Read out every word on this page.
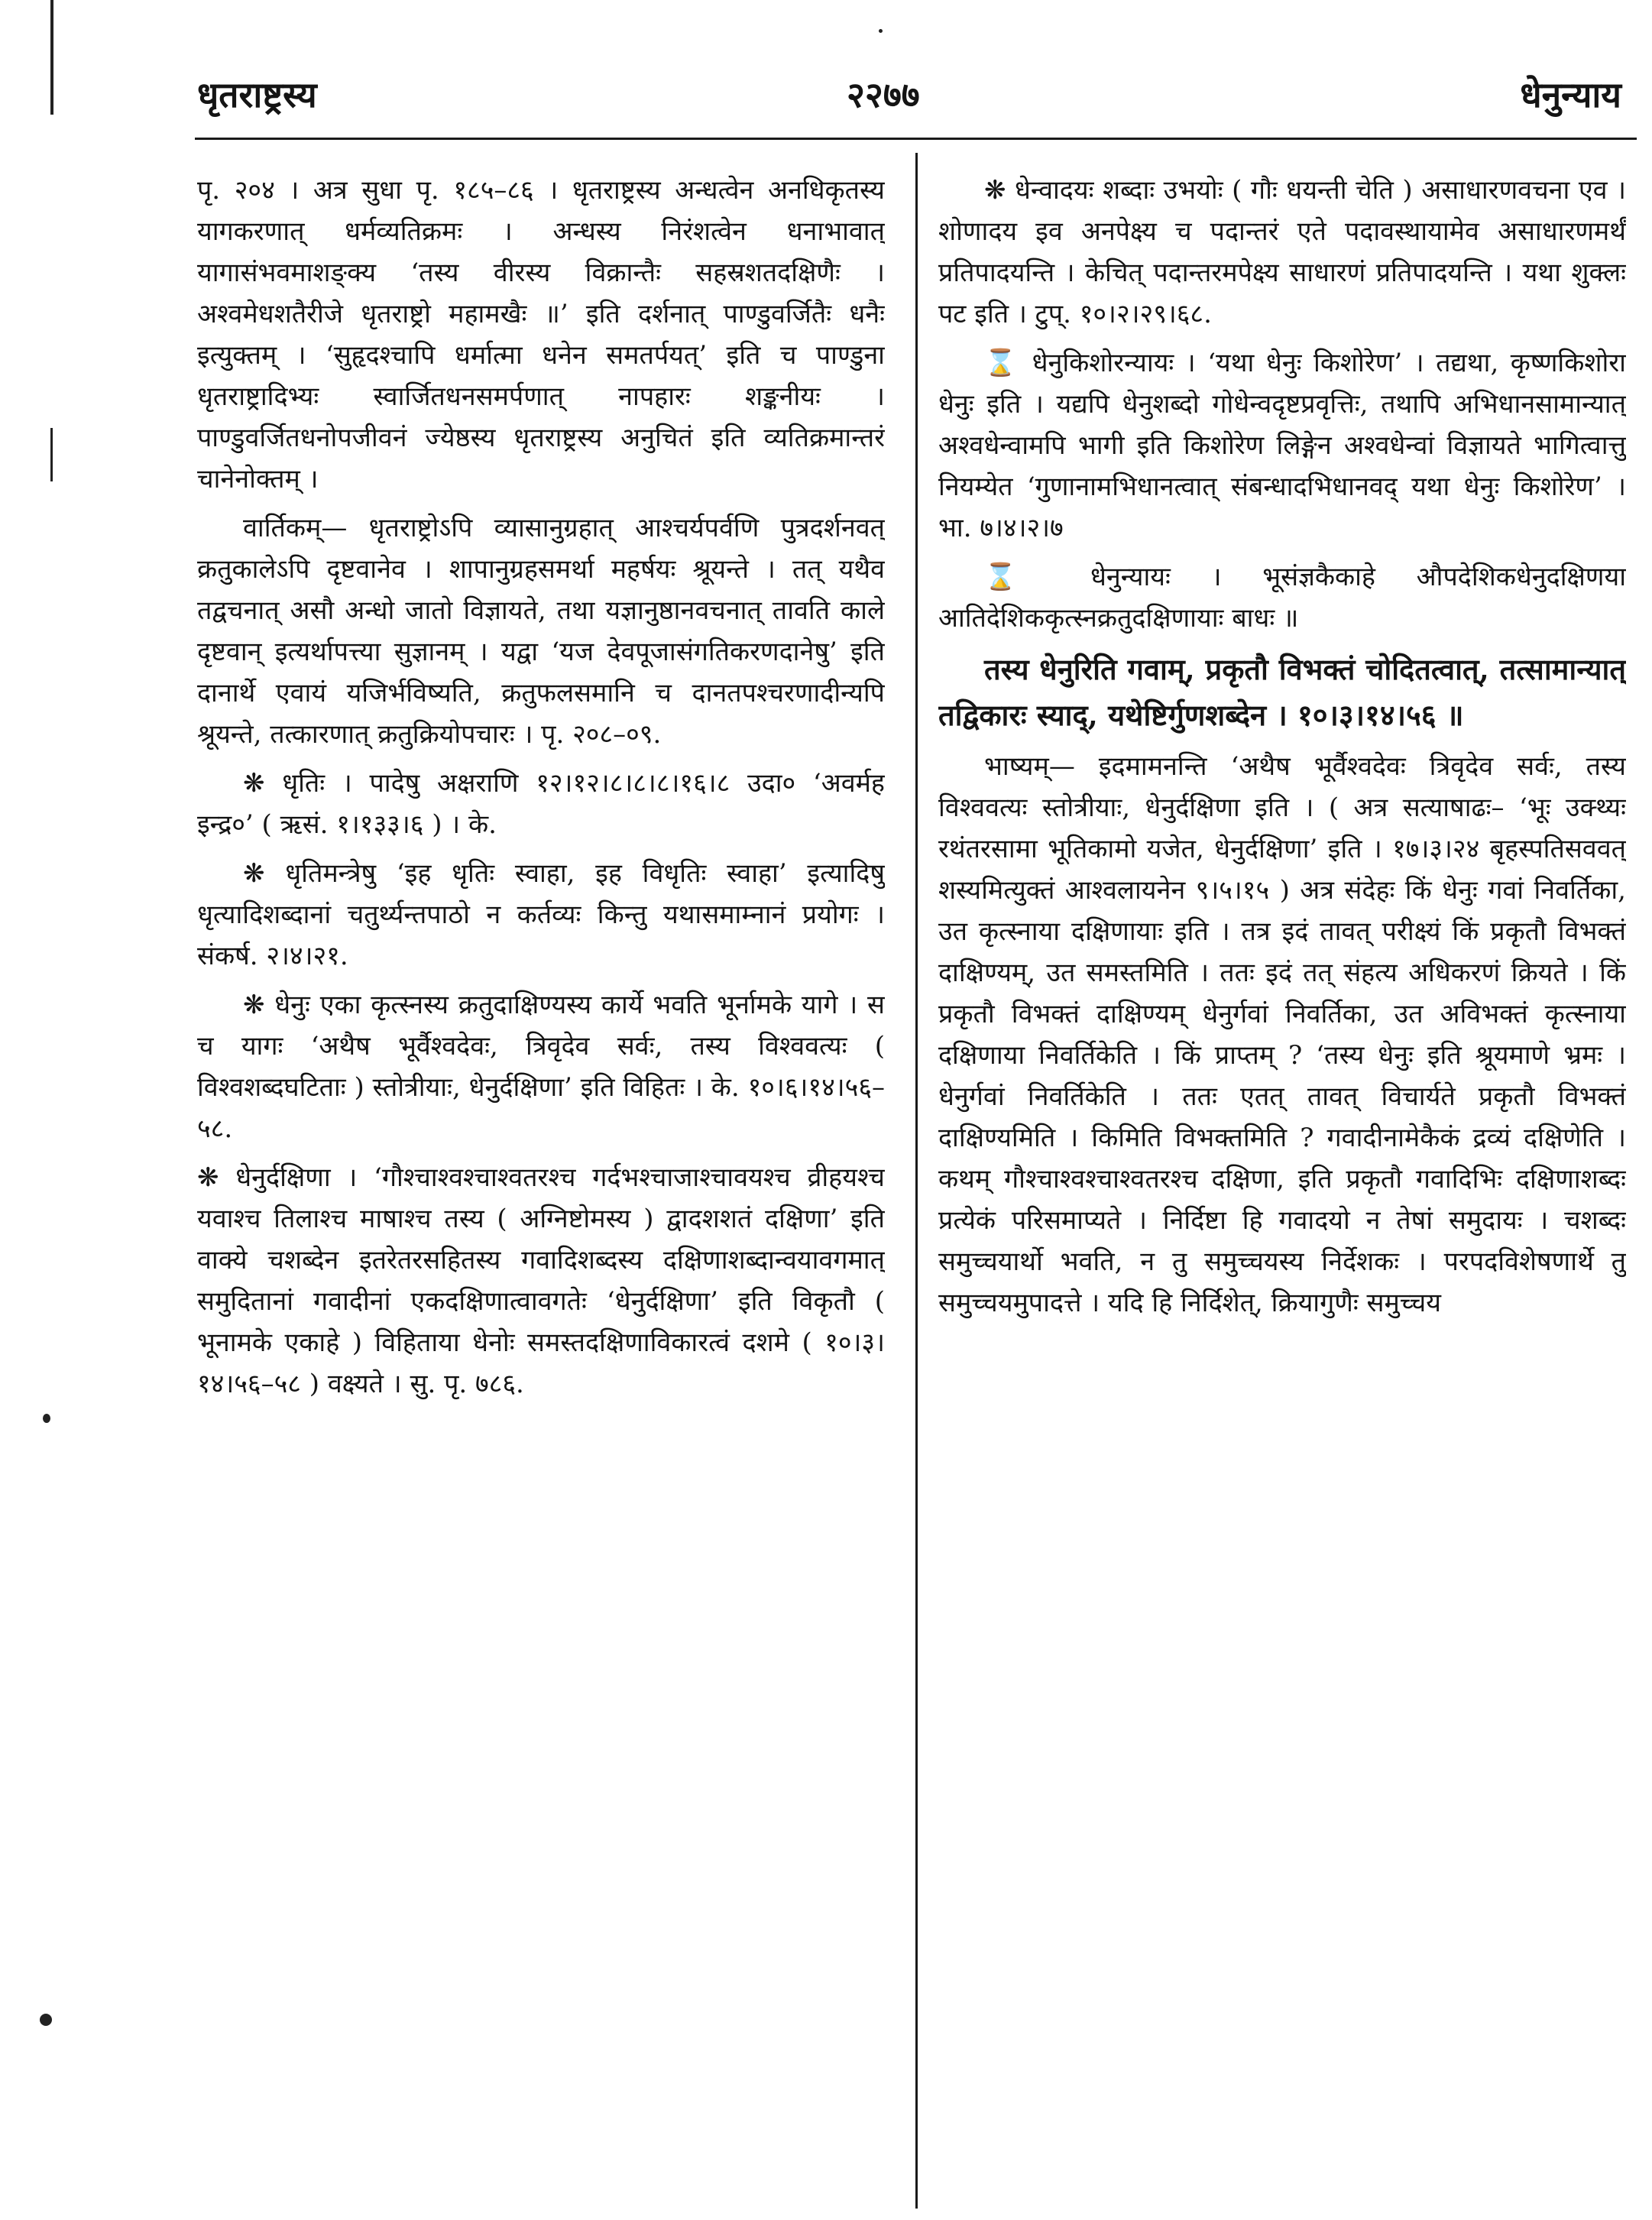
धृतराष्ट्रस्य	२२७७	धेनुन्याय

पृ. २०४ । अत्र सुधा पृ. १८५–८६ । धृतराष्ट्रस्य अन्धत्वेन अनधिकृतस्य यागकरणात् धर्मव्यतिक्रमः । अन्धस्य निरंशत्वेन धनाभावात् यागासंभवमाशङ्क्य ‘तस्य वीरस्य विक्रान्तैः सहस्रशतदक्षिणैः । अश्वमेधशतैरीजे धृतराष्ट्रो महामखैः ॥’ इति दर्शनात् पाण्डुवर्जितैः धनैः इत्युक्तम् । ‘सुहृदश्चापि धर्मात्मा धनेन समतर्पयत्’ इति च पाण्डुना धृतराष्ट्रादिभ्यः स्वार्जितधनसमर्पणात् नापहारः शङ्कनीयः । पाण्डुवर्जितधनोपजीवनं ज्येष्ठस्य धृतराष्ट्रस्य अनुचितं इति व्यतिक्रमान्तरं चानेनोक्तम् ।

वार्तिकम्— धृतराष्ट्रोऽपि व्यासानुग्रहात् आश्चर्यपर्वणि पुत्रदर्शनवत् क्रतुकालेऽपि दृष्टवानेव । शापानुग्रहसमर्था महर्षयः श्रूयन्ते । तत् यथैव तद्वचनात् असौ अन्धो जातो विज्ञायते, तथा यज्ञानुष्ठानवचनात् तावति काले दृष्टवान् इत्यर्थापत्त्या सुज्ञानम् । यद्वा ‘यज देवपूजासंगतिकरणदानेषु’ इति दानार्थे एवायं यजिर्भविष्यति, क्रतुफलसमानि च दानतपश्चरणादीन्यपि श्रूयन्ते, तत्कारणात् क्रतुक्रियोपचारः । पृ. २०८–०९.

❋ धृतिः । पादेषु अक्षराणि १२।१२।८।८।८।१६।८ उदा० ‘अवर्मह इन्द्र०’ ( ऋसं. १।१३३।६ ) । के.

❋ धृतिमन्त्रेषु ‘इह धृतिः स्वाहा, इह विधृतिः स्वाहा’ इत्यादिषु धृत्यादिशब्दानां चतुर्थ्यन्तपाठो न कर्तव्यः किन्तु यथासमाम्नानं प्रयोगः । संकर्ष. २।४।२१.

❋ धेनुः एका कृत्स्नस्य क्रतुदाक्षिण्यस्य कार्ये भवति भूर्नामके यागे । स च यागः ‘अथैष भूर्वैश्वदेवः, त्रिवृदेव सर्वः, तस्य विश्ववत्यः ( विश्वशब्दघटिताः ) स्तोत्रीयाः, धेनुर्दक्षिणा’ इति विहितः । के. १०।६।१४।५६–५८.

❋ धेनुर्दक्षिणा । ‘गौश्चाश्वश्चाश्वतरश्च गर्दभश्चाजाश्चावयश्च व्रीहयश्च यवाश्च तिलाश्च माषाश्च तस्य ( अग्निष्टोमस्य ) द्वादशशतं दक्षिणा’ इति वाक्ये चशब्देन इतरेतरसहितस्य गवादिशब्दस्य दक्षिणाशब्दान्वयावगमात् समुदितानां गवादीनां एकदक्षिणात्वावगतेः ‘धेनुर्दक्षिणा’ इति विकृतौ ( भूनामके एकाहे ) विहिताया धेनोः समस्तदक्षिणाविकारत्वं दशमे ( १०।३।१४।५६–५८ ) वक्ष्यते । सु. पृ. ७८६.

❋ धेन्वादयः शब्दाः उभयोः ( गौः धयन्ती चेति ) असाधारणवचना एव । शोणादय इव अनपेक्ष्य च पदान्तरं एते पदावस्थायामेव असाधारणमर्थं प्रतिपादयन्ति । केचित् पदान्तरमपेक्ष्य साधारणं प्रतिपादयन्ति । यथा शुक्लः पट इति । टुप्. १०।२।२९।६८.

⌛ धेनुकिशोरन्यायः । ‘यथा धेनुः किशोरेण’ । तद्यथा, कृष्णकिशोरा धेनुः इति । यद्यपि धेनुशब्दो गोधेन्वदृष्टप्रवृत्तिः, तथापि अभिधानसामान्यात् अश्वधेन्वामपि भागी इति किशोरेण लिङ्गेन अश्वधेन्वां विज्ञायते भागित्वात्तु नियम्येत ‘गुणानामभिधानत्वात् संबन्धादभिधानवद् यथा धेनुः किशोरेण’ । भा. ७।४।२।७

⌛ धेनुन्यायः । भूसंज्ञकैकाहे औपदेशिकधेनुदक्षिणया आतिदेशिककृत्स्नक्रतुदक्षिणायाः बाधः ॥

तस्य धेनुरिति गवाम्, प्रकृतौ विभक्तं चोदितत्वात्, तत्सामान्यात् तद्विकारः स्याद्, यथेष्टिर्गुणशब्देन । १०।३।१४।५६ ॥

भाष्यम्— इदमामनन्ति ‘अथैष भूर्वैश्वदेवः त्रिवृदेव सर्वः, तस्य विश्ववत्यः स्तोत्रीयाः, धेनुर्दक्षिणा इति । ( अत्र सत्याषाढः– ‘भूः उक्थ्यः रथंतरसामा भूतिकामो यजेत, धेनुर्दक्षिणा’ इति । १७।३।२४ बृहस्पतिसववत् शस्यमित्युक्तं आश्वलायनेन ९।५।१५ ) अत्र संदेहः किं धेनुः गवां निवर्तिका, उत कृत्स्नाया दक्षिणायाः इति । तत्र इदं तावत् परीक्ष्यं किं प्रकृतौ विभक्तं दाक्षिण्यम्, उत समस्तमिति । ततः इदं तत् संहत्य अधिकरणं क्रियते । किं प्रकृतौ विभक्तं दाक्षिण्यम् धेनुर्गवां निवर्तिका, उत अविभक्तं कृत्स्नाया दक्षिणाया निवर्तिकेति । किं प्राप्तम् ? ‘तस्य धेनुः इति श्रूयमाणे भ्रमः । धेनुर्गवां निवर्तिकेति । ततः एतत् तावत् विचार्यते प्रकृतौ विभक्तं दाक्षिण्यमिति । किमिति विभक्तमिति ? गवादीनामेकैकं द्रव्यं दक्षिणेति । कथम् गौश्चाश्वश्चाश्वतरश्च दक्षिणा, इति प्रकृतौ गवादिभिः दक्षिणाशब्दः प्रत्येकं परिसमाप्यते । निर्दिष्टा हि गवादयो न तेषां समुदायः । चशब्दः समुच्चयार्थो भवति, न तु समुच्चयस्य निर्देशकः । परपदविशेषणार्थे तु समुच्चयमुपादत्ते । यदि हि निर्दिशेत्, क्रियागुणैः समुच्चय
